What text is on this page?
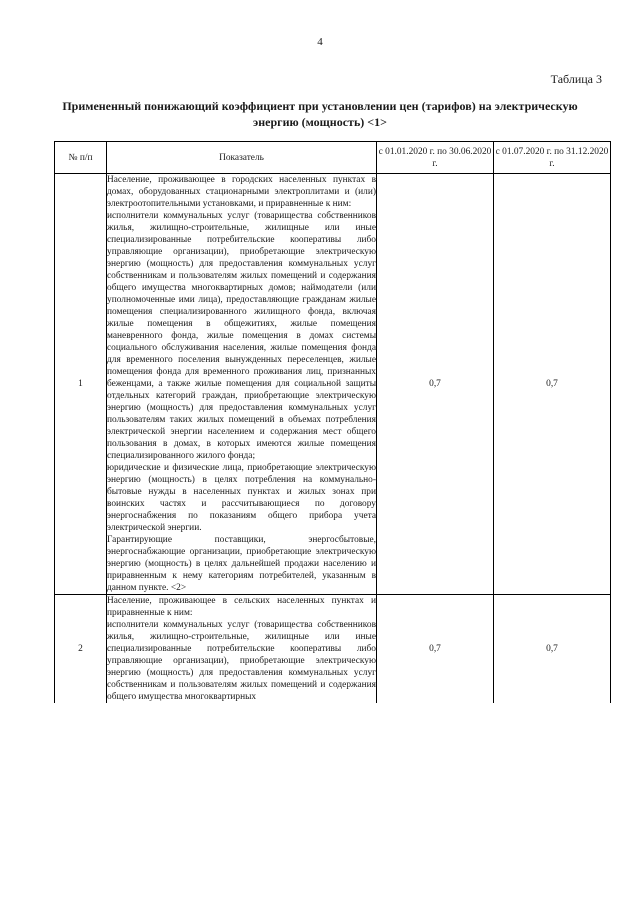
4
Таблица 3
Примененный понижающий коэффициент при установлении цен (тарифов) на электрическую энергию (мощность) <1>
№ п/п	Показатель	с 01.01.2020 г. по 30.06.2020 г.	с 01.07.2020 г. по 31.12.2020 г.
1	Население, проживающее в городских населенных пунктах в домах, оборудованных стационарными электроплитами и (или) электроотопительными установками, и приравненные к ним:

исполнители коммунальных услуг (товарищества собственников жилья, жилищно-строительные, жилищные или иные специализированные потребительские кооперативы либо управляющие организации), приобретающие электрическую энергию (мощность) для предоставления коммунальных услуг собственникам и пользователям жилых помещений и содержания общего имущества многоквартирных домов; наймодатели (или уполномоченные ими лица), предоставляющие гражданам жилые помещения специализированного жилищного фонда, включая жилые помещения в общежитиях, жилые помещения маневренного фонда, жилые помещения в домах системы социального обслуживания населения, жилые помещения фонда для временного поселения вынужденных переселенцев, жилые помещения фонда для временного проживания лиц, признанных беженцами, а также жилые помещения для социальной защиты отдельных категорий граждан, приобретающие электрическую энергию (мощность) для предоставления коммунальных услуг пользователям таких жилых помещений в объемах потребления электрической энергии населением и содержания мест общего пользования в домах, в которых имеются жилые помещения специализированного жилого фонда;

юридические и физические лица, приобретающие электрическую энергию (мощность) в целях потребления на коммунально-бытовые нужды в населенных пунктах и жилых зонах при воинских частях и рассчитывающиеся по договору энергоснабжения по показаниям общего прибора учета электрической энергии.

Гарантирующие поставщики, энергосбытовые, энергоснабжающие организации, приобретающие электрическую энергию (мощность) в целях дальнейшей продажи населению и приравненным к нему категориям потребителей, указанным в данном пункте. <2>	0,7	0,7
2	Население, проживающее в сельских населенных пунктах и приравненные к ним:

исполнители коммунальных услуг (товарищества собственников жилья, жилищно-строительные, жилищные или иные специализированные потребительские кооперативы либо управляющие организации), приобретающие электрическую энергию (мощность) для предоставления коммунальных услуг собственникам и пользователям жилых помещений и содержания общего имущества многоквартирных	0,7	0,7
